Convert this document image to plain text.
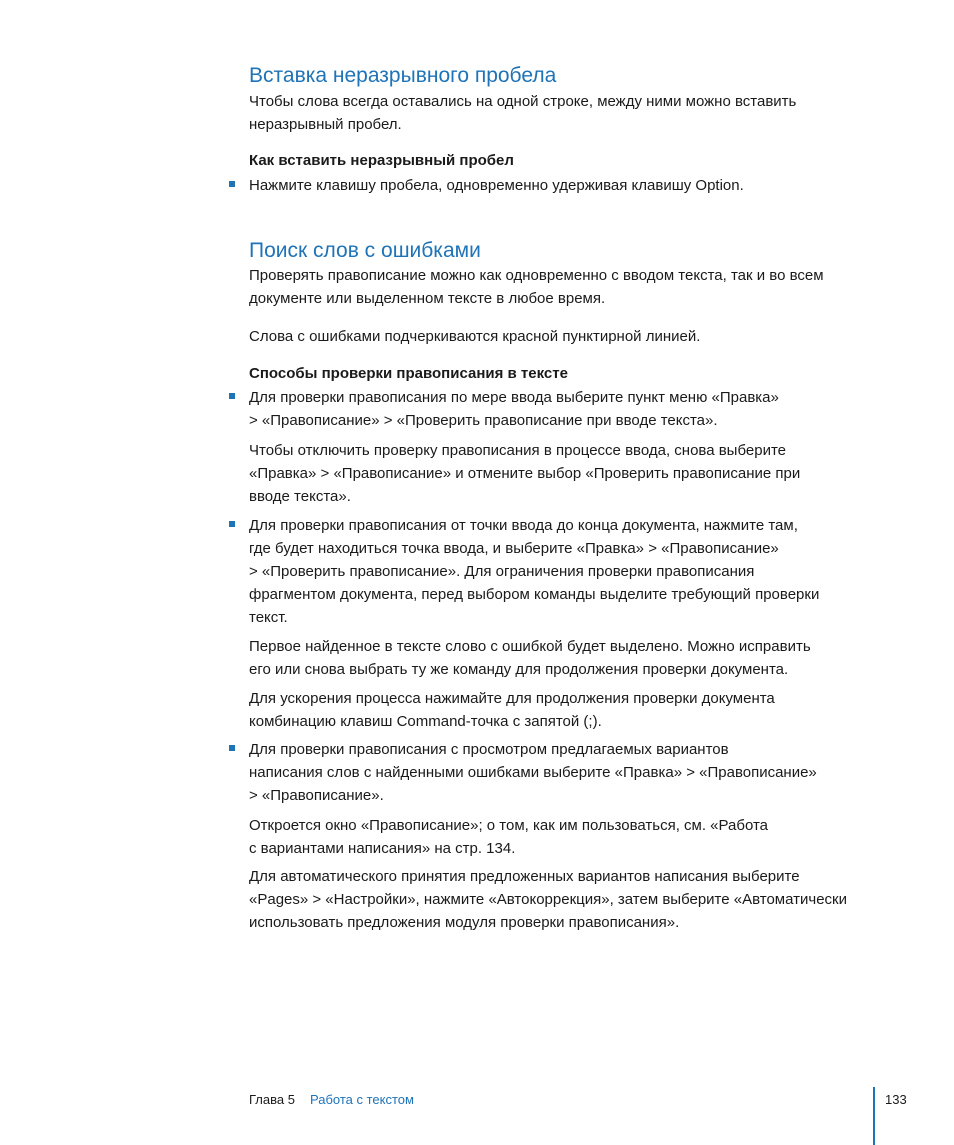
Вставка неразрывного пробела

Чтобы слова всегда оставались на одной строке, между ними можно вставить
неразрывный пробел.

Как вставить неразрывный пробел

Нажмите клавишу пробела, одновременно удерживая клавишу Option.

Поиск слов с ошибками

Проверять правописание можно как одновременно с вводом текста, так и во всем
документе или выделенном тексте в любое время.

Слова с ошибками подчеркиваются красной пунктирной линией.

Способы проверки правописания в тексте

Для проверки правописания по мере ввода выберите пункт меню «Правка»
> «Правописание» > «Проверить правописание при вводе текста».

Чтобы отключить проверку правописания в процессе ввода, снова выберите
«Правка» > «Правописание» и отмените выбор «Проверить правописание при
вводе текста».

Для проверки правописания от точки ввода до конца документа, нажмите там,
где будет находиться точка ввода, и выберите «Правка» > «Правописание»
> «Проверить правописание». Для ограничения проверки правописания
фрагментом документа, перед выбором команды выделите требующий проверки
текст.

Первое найденное в тексте слово с ошибкой будет выделено. Можно исправить
его или снова выбрать ту же команду для продолжения проверки документа.

Для ускорения процесса нажимайте для продолжения проверки документа
комбинацию клавиш Command-точка с запятой (;).

Для проверки правописания с просмотром предлагаемых вариантов
написания слов с найденными ошибками выберите «Правка» > «Правописание»
> «Правописание».

Откроется окно «Правописание»; о том, как им пользоваться, см. «Работа
с вариантами написания» на стр. 134.

Для автоматического принятия предложенных вариантов написания выберите
«Pages» > «Настройки», нажмите «Автокоррекция», затем выберите «Автоматически
использовать предложения модуля проверки правописания».

Глава 5 Работа с текстом	133
